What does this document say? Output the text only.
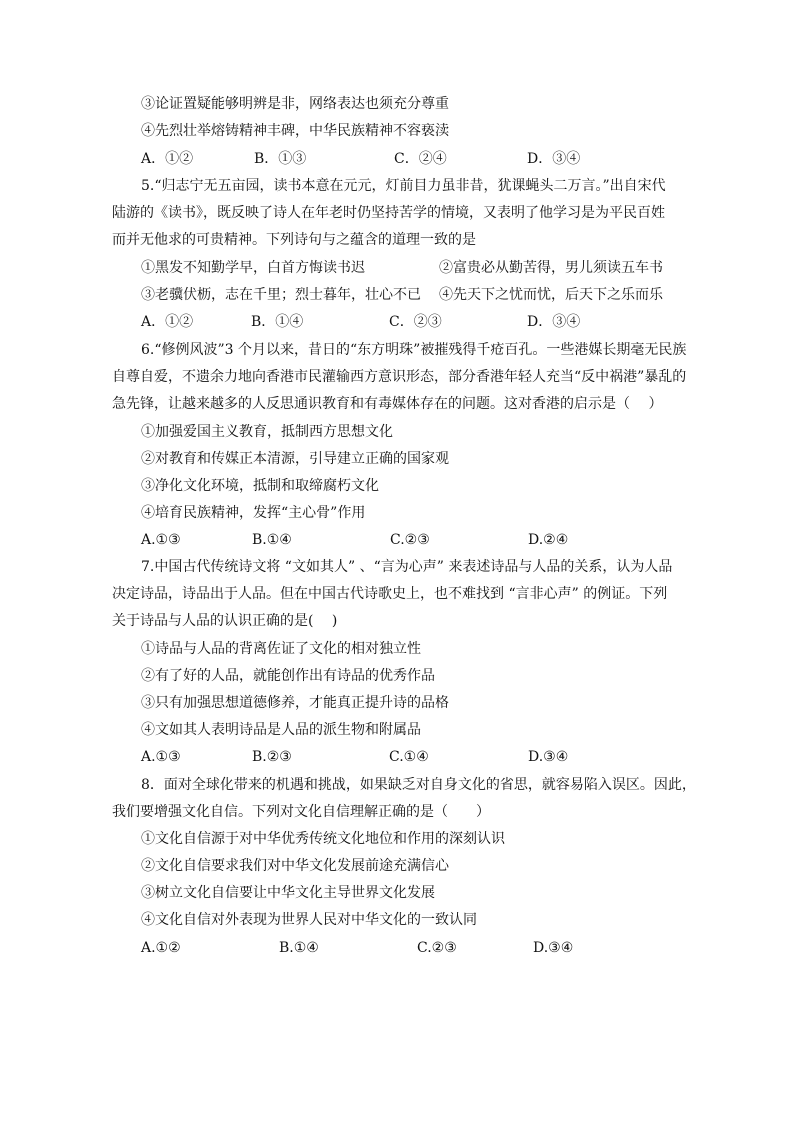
③论证置疑能够明辨是非，网络表达也须充分尊重
④先烈壮举熔铸精神丰碑，中华民族精神不容亵渎
A．①②	B．①③	C．②④	D．③④
5.“归志宁无五亩园，读书本意在元元，灯前目力虽非昔，犹课蝇头二万言。”出自宋代
陆游的《读书》，既反映了诗人在年老时仍坚持苦学的情境，又表明了他学习是为平民百姓
而并无他求的可贵精神。下列诗句与之蕴含的道理一致的是
①黑发不知勤学早，白首方悔读书迟	②富贵必从勤苦得，男儿须读五车书
③老骥伏枥，志在千里；烈士暮年，壮心不已 ④先天下之忧而忧，后天下之乐而乐
A．①②	B．①④	C．②③	D．③④
6.“修例风波”3 个月以来，昔日的“东方明珠”被摧残得千疮百孔。一些港媒长期毫无民族
自尊自爱，不遗余力地向香港市民灌输西方意识形态，部分香港年轻人充当“反中祸港”暴乱的
急先锋，让越来越多的人反思通识教育和有毒媒体存在的问题。这对香港的启示是（　 ）
①加强爱国主义教育，抵制西方思想文化
②对教育和传媒正本清源，引导建立正确的国家观
③净化文化环境，抵制和取缔腐朽文化
④培育民族精神，发挥“主心骨”作用
A.①③	B.①④	C.②③	D.②④
7.中国古代传统诗文将 “文如其人” 、“言为心声” 来表述诗品与人品的关系，认为人品
决定诗品，诗品出于人品。但在中国古代诗歌史上，也不难找到 “言非心声” 的例证。下列
关于诗品与人品的认识正确的是(　 )
①诗品与人品的背离佐证了文化的相对独立性
②有了好的人品，就能创作出有诗品的优秀作品
③只有加强思想道德修养，才能真正提升诗的品格
④文如其人表明诗品是人品的派生物和附属品
A.①③	B.②③	C.①④	D.③④
8．面对全球化带来的机遇和挑战，如果缺乏对自身文化的省思，就容易陷入误区。因此，
我们要增强文化自信。下列对文化自信理解正确的是（　　）
①文化自信源于对中华优秀传统文化地位和作用的深刻认识
②文化自信要求我们对中华文化发展前途充满信心
③树立文化自信要让中华文化主导世界文化发展
④文化自信对外表现为世界人民对中华文化的一致认同
A.①②	B.①④	C.②③	D.③④
